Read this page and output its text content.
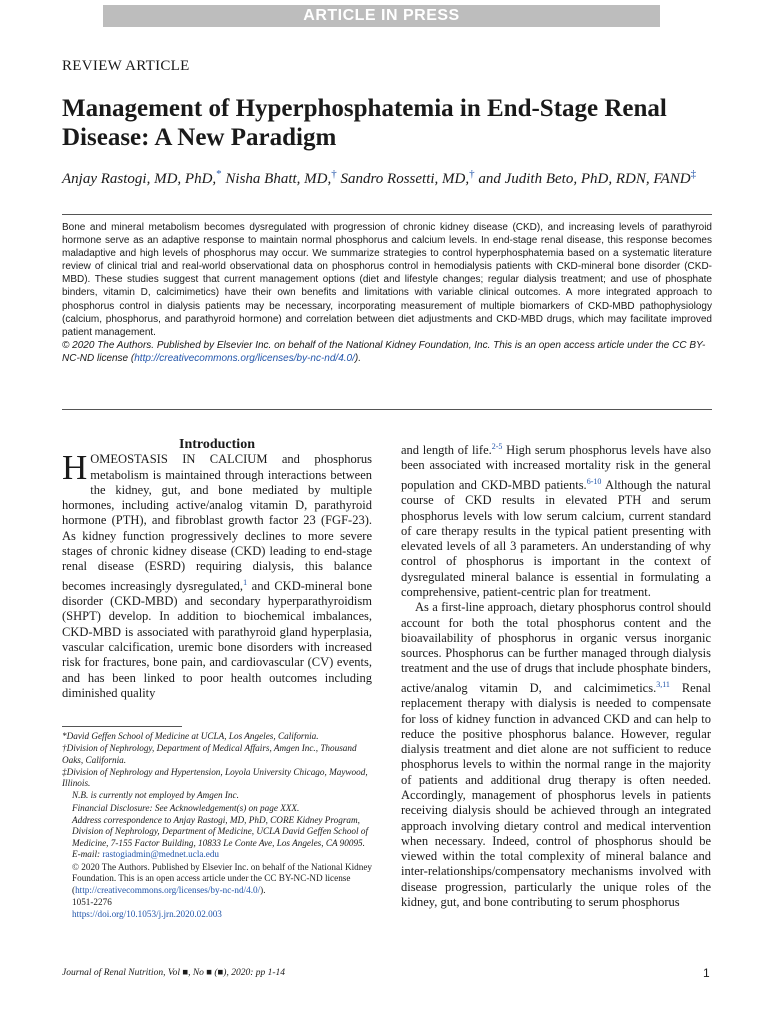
ARTICLE IN PRESS
REVIEW ARTICLE
Management of Hyperphosphatemia in End-Stage Renal Disease: A New Paradigm
Anjay Rastogi, MD, PhD,* Nisha Bhatt, MD,† Sandro Rossetti, MD,† and Judith Beto, PhD, RDN, FAND‡

Bone and mineral metabolism becomes dysregulated with progression of chronic kidney disease (CKD), and increasing levels of parathyroid hormone serve as an adaptive response to maintain normal phosphorus and calcium levels. In end-stage renal disease, this response becomes maladaptive and high levels of phosphorus may occur. We summarize strategies to control hyperphosphatemia based on a systematic literature review of clinical trial and real-world observational data on phosphorus control in hemodialysis patients with CKD-mineral bone disorder (CKD-MBD). These studies suggest that current management options (diet and lifestyle changes; regular dialysis treatment; and use of phosphate binders, vitamin D, calcimimetics) have their own benefits and limitations with variable clinical outcomes. A more integrated approach to phosphorus control in dialysis patients may be necessary, incorporating measurement of multiple biomarkers of CKD-MBD pathophysiology (calcium, phosphorus, and parathyroid hormone) and correlation between diet adjustments and CKD-MBD drugs, which may facilitate improved patient management.

© 2020 The Authors. Published by Elsevier Inc. on behalf of the National Kidney Foundation, Inc. This is an open access article under the CC BY-NC-ND license (http://creativecommons.org/licenses/by-nc-nd/4.0/).

Introduction

HOMEOSTASIS IN CALCIUM and phosphorus metabolism is maintained through interactions between the kidney, gut, and bone mediated by multiple hormones, including active/analog vitamin D, parathyroid hormone (PTH), and fibroblast growth factor 23 (FGF-23). As kidney function progressively declines to more severe stages of chronic kidney disease (CKD) leading to end-stage renal disease (ESRD) requiring dialysis, this balance becomes increasingly dysregulated,$^1$ and CKD-mineral bone disorder (CKD-MBD) and secondary hyperparathyroidism (SHPT) develop. In addition to biochemical imbalances, CKD-MBD is associated with parathyroid gland hyperplasia, vascular calcification, uremic bone disorders with increased risk for fractures, bone pain, and cardiovascular (CV) events, and has been linked to poor health outcomes including diminished quality

and length of life.$^{2-5}$ High serum phosphorus levels have also been associated with increased mortality risk in the general population and CKD-MBD patients.$^{6-10}$ Although the natural course of CKD results in elevated PTH and serum phosphorus levels with low serum calcium, current standard of care therapy results in the typical patient presenting with elevated levels of all 3 parameters. An understanding of why control of phosphorus is important in the context of dysregulated mineral balance is essential in formulating a comprehensive, patient-centric plan for treatment.

As a first-line approach, dietary phosphorus control should account for both the total phosphorus content and the bioavailability of phosphorus in organic versus inorganic sources. Phosphorus can be further managed through dialysis treatment and the use of drugs that include phosphate binders, active/analog vitamin D, and calcimimetics.$^{3,11}$ Renal replacement therapy with dialysis is needed to compensate for loss of kidney function in advanced CKD and can help to reduce the positive phosphorus balance. However, regular dialysis treatment and diet alone are not sufficient to reduce phosphorus levels to within the normal range in the majority of patients and additional drug therapy is often needed. Accordingly, management of phosphorus levels in patients receiving dialysis should be achieved through an integrated approach involving dietary control and medical intervention when necessary. Indeed, control of phosphorus should be viewed within the total complexity of mineral balance and inter-relationships/compensatory mechanisms involved with disease progression, particularly the unique roles of the kidney, gut, and bone contributing to serum phosphorus

*David Geffen School of Medicine at UCLA, Los Angeles, California.

†Division of Nephrology, Department of Medical Affairs, Amgen Inc., Thousand Oaks, California.

‡Division of Nephrology and Hypertension, Loyola University Chicago, Maywood, Illinois.

N.B. is currently not employed by Amgen Inc.

Financial Disclosure: See Acknowledgement(s) on page XXX.

Address correspondence to Anjay Rastogi, MD, PhD, CORE Kidney Program, Division of Nephrology, Department of Medicine, UCLA David Geffen School of Medicine, 7-155 Factor Building, 10833 Le Conte Ave, Los Angeles, CA 90095. E-mail: rastogiadmin@mednet.ucla.edu

© 2020 The Authors. Published by Elsevier Inc. on behalf of the National Kidney Foundation. This is an open access article under the CC BY-NC-ND license (http://creativecommons.org/licenses/by-nc-nd/4.0/).

1051-2276

https://doi.org/10.1053/j.jrn.2020.02.003

Journal of Renal Nutrition, Vol ■, No ■ (■), 2020: pp 1-14	1
